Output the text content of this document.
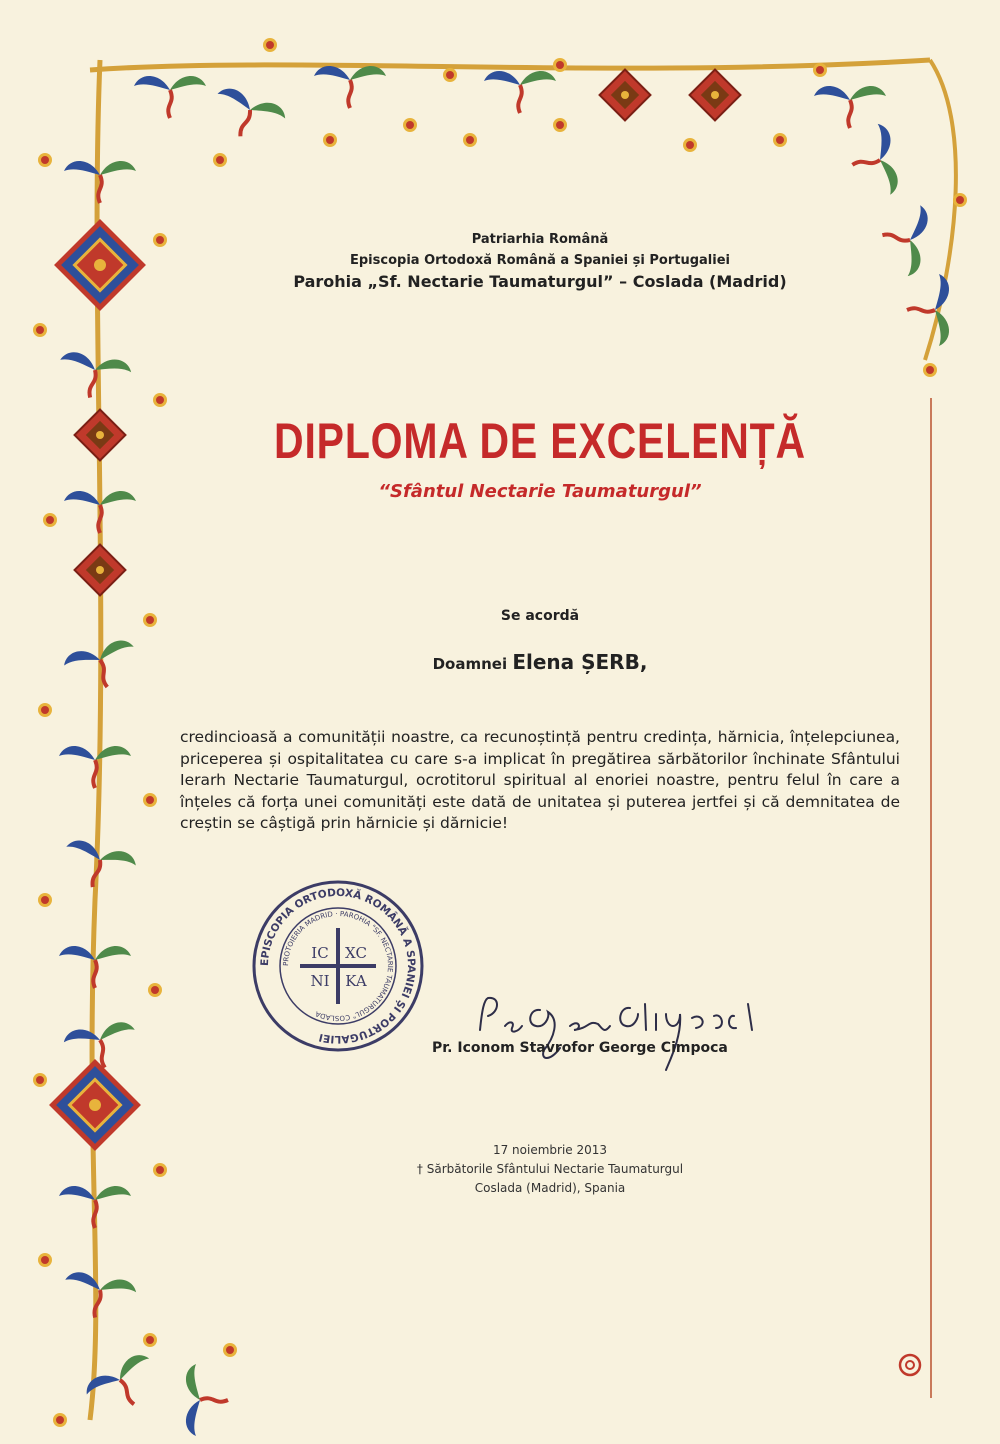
Patriarhia Română
Episcopia Ortodoxă Română a Spaniei și Portugaliei
Parohia „Sf. Nectarie Taumaturgul” – Coslada (Madrid)
DIPLOMA DE EXCELENȚĂ
“Sfântul Nectarie Taumaturgul”
Se acordă
Doamnei Elena ȘERB,
credincioasă a comunității noastre, ca recunoștință pentru credința, hărnicia, înțelepciunea, priceperea și ospitalitatea cu care s-a implicat în pregătirea sărbătorilor închinate Sfântului Ierarh Nectarie Taumaturgul, ocrotitorul spiritual al enoriei noastre, pentru felul în care a înțeles că forța unei comunități este dată de unitatea și puterea jertfei și că demnitatea de creștin se câștigă prin hărnicie și dărnicie!
EPISCOPIA ORTODOXĂ ROMÂNĂ A SPANIEI ȘI PORTUGALIEI
PROTOIERIA MADRID · PAROHIA "SF. NECTARIE TAUMATURGUL" COSLADA
IC XC
NI KA
Pr. Iconom Stavrofor George Cimpoca
17 noiembrie 2013
† Sărbătorile Sfântului Nectarie Taumaturgul
Coslada (Madrid), Spania
